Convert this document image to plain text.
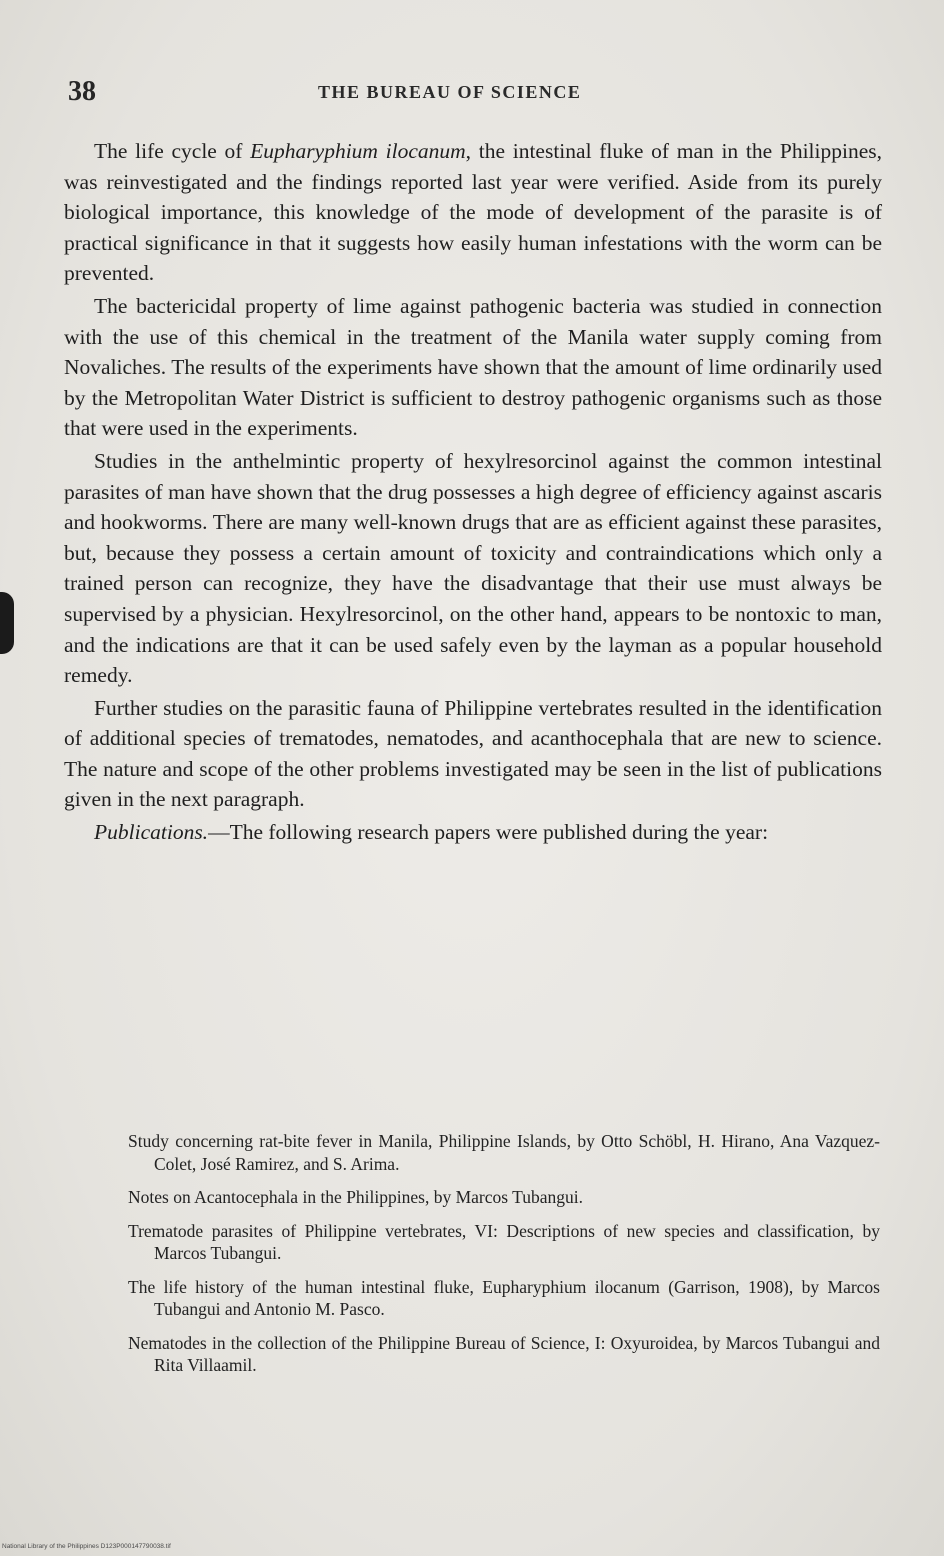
38	THE BUREAU OF SCIENCE

The life cycle of Eupharyphium ilocanum, the intestinal fluke of man in the Philippines, was reinvestigated and the findings reported last year were verified. Aside from its purely biological importance, this knowledge of the mode of development of the parasite is of practical significance in that it suggests how easily human infestations with the worm can be prevented.

The bactericidal property of lime against pathogenic bacteria was studied in connection with the use of this chemical in the treatment of the Manila water supply coming from Novaliches. The results of the experiments have shown that the amount of lime ordinarily used by the Metropolitan Water District is sufficient to destroy pathogenic organisms such as those that were used in the experiments.

Studies in the anthelmintic property of hexylresorcinol against the common intestinal parasites of man have shown that the drug possesses a high degree of efficiency against ascaris and hookworms. There are many well-known drugs that are as efficient against these parasites, but, because they possess a certain amount of toxicity and contraindications which only a trained person can recognize, they have the disadvantage that their use must always be supervised by a physician. Hexylresorcinol, on the other hand, appears to be nontoxic to man, and the indications are that it can be used safely even by the layman as a popular household remedy.

Further studies on the parasitic fauna of Philippine vertebrates resulted in the identification of additional species of trematodes, nematodes, and acanthocephala that are new to science. The nature and scope of the other problems investigated may be seen in the list of publications given in the next paragraph.

Publications.—The following research papers were published during the year:

Study concerning rat-bite fever in Manila, Philippine Islands, by Otto Schöbl, H. Hirano, Ana Vazquez-Colet, José Ramirez, and S. Arima.
Notes on Acantocephala in the Philippines, by Marcos Tubangui.
Trematode parasites of Philippine vertebrates, VI: Descriptions of new species and classification, by Marcos Tubangui.
The life history of the human intestinal fluke, Eupharyphium ilocanum (Garrison, 1908), by Marcos Tubangui and Antonio M. Pasco.
Nematodes in the collection of the Philippine Bureau of Science, I: Oxyuroidea, by Marcos Tubangui and Rita Villaamil.
National Library of the Philippines D123P000147790038.tif
